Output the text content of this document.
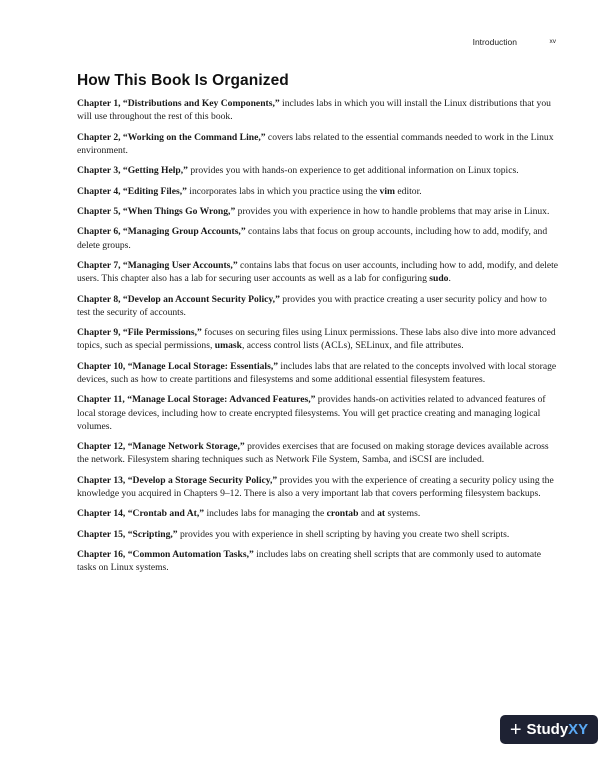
Introduction	xv
How This Book Is Organized

Chapter 1, “Distributions and Key Components,” includes labs in which you will install the Linux distributions that you will use throughout the rest of this book.

Chapter 2, “Working on the Command Line,” covers labs related to the essential commands needed to work in the Linux environment.

Chapter 3, “Getting Help,” provides you with hands-on experience to get additional information on Linux topics.

Chapter 4, “Editing Files,” incorporates labs in which you practice using the vim editor.

Chapter 5, “When Things Go Wrong,” provides you with experience in how to handle problems that may arise in Linux.

Chapter 6, “Managing Group Accounts,” contains labs that focus on group accounts, including how to add, modify, and delete groups.

Chapter 7, “Managing User Accounts,” contains labs that focus on user accounts, including how to add, modify, and delete users. This chapter also has a lab for securing user accounts as well as a lab for configuring sudo.

Chapter 8, “Develop an Account Security Policy,” provides you with practice creating a user security policy and how to test the security of accounts.

Chapter 9, “File Permissions,” focuses on securing files using Linux permissions. These labs also dive into more advanced topics, such as special permissions, umask, access control lists (ACLs), SELinux, and file attributes.

Chapter 10, “Manage Local Storage: Essentials,” includes labs that are related to the concepts involved with local storage devices, such as how to create partitions and filesystems and some additional essential filesystem features.

Chapter 11, “Manage Local Storage: Advanced Features,” provides hands-on activities related to advanced features of local storage devices, including how to create encrypted filesystems. You will get practice creating and managing logical volumes.

Chapter 12, “Manage Network Storage,” provides exercises that are focused on making storage devices available across the network. Filesystem sharing techniques such as Network File System, Samba, and iSCSI are included.

Chapter 13, “Develop a Storage Security Policy,” provides you with the experience of creating a security policy using the knowledge you acquired in Chapters 9–12. There is also a very important lab that covers performing filesystem backups.

Chapter 14, “Crontab and At,” includes labs for managing the crontab and at systems.

Chapter 15, “Scripting,” provides you with experience in shell scripting by having you create two shell scripts.

Chapter 16, “Common Automation Tasks,” includes labs on creating shell scripts that are commonly used to automate tasks on Linux systems.

+ Study XY
